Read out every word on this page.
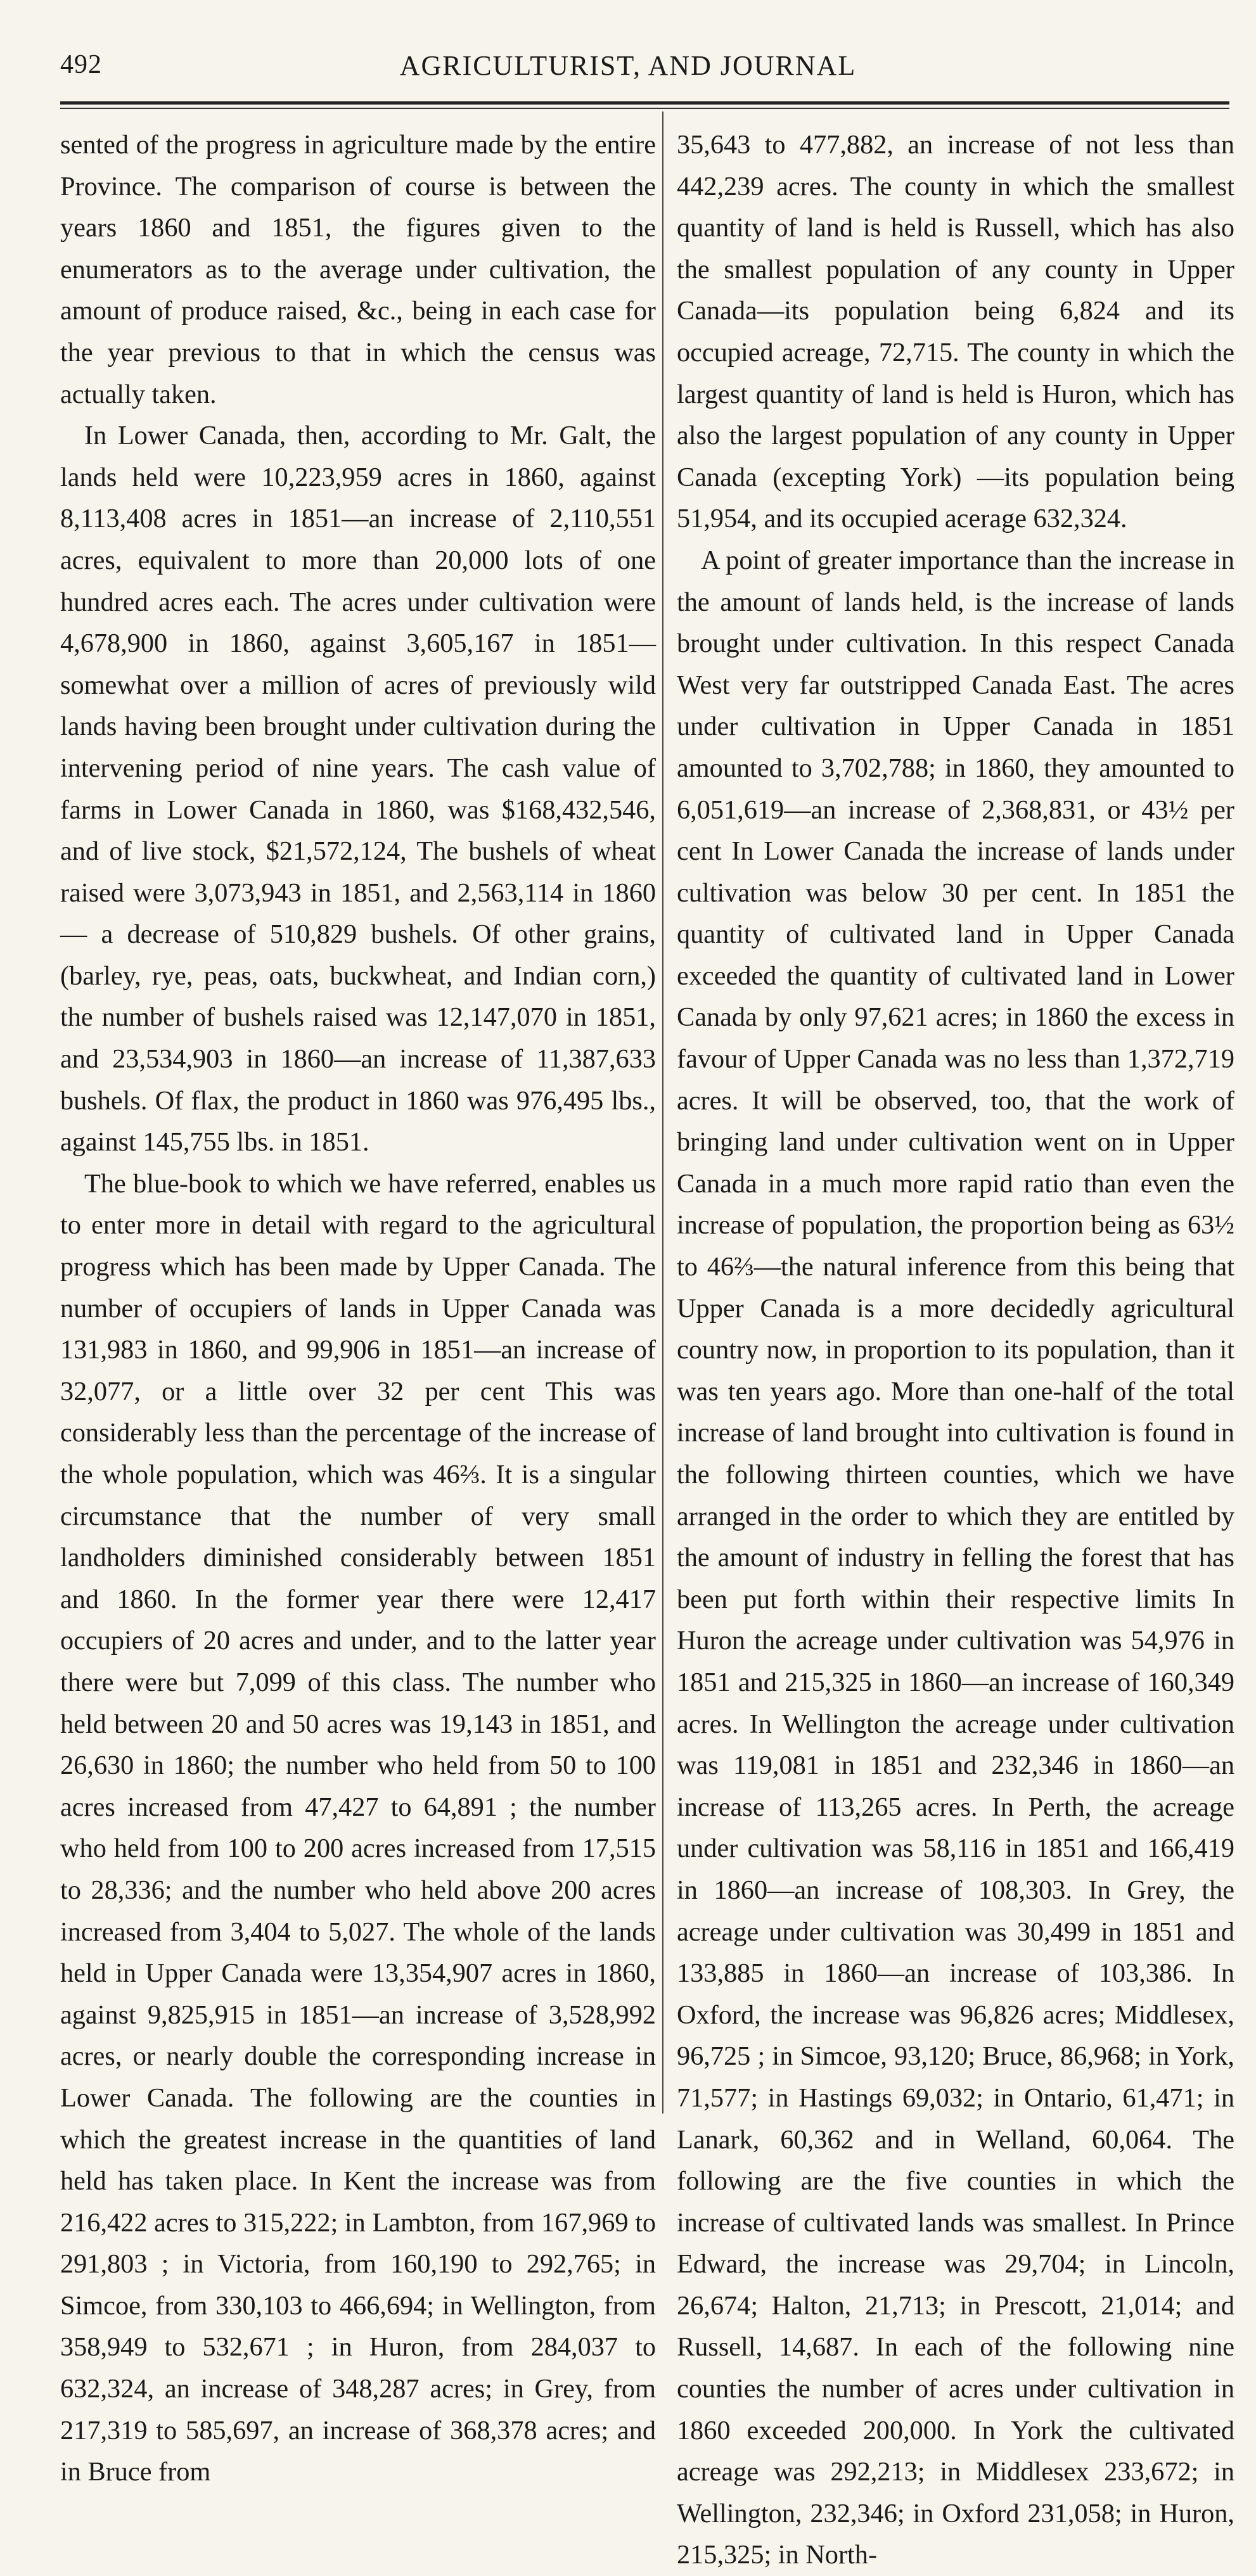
492	AGRICULTURIST, AND JOURNAL

sented of the progress in agriculture made by the entire Province. The comparison of course is between the years 1860 and 1851, the figures given to the enumerators as to the average under cultivation, the amount of produce raised, &c., being in each case for the year previous to that in which the census was actually taken.

In Lower Canada, then, according to Mr. Galt, the lands held were 10,223,959 acres in 1860, against 8,113,408 acres in 1851—an increase of 2,110,551 acres, equivalent to more than 20,000 lots of one hundred acres each. The acres under cultivation were 4,678,900 in 1860, against 3,605,167 in 1851—somewhat over a million of acres of previously wild lands having been brought under cultivation during the intervening period of nine years. The cash value of farms in Lower Canada in 1860, was $168,432,546, and of live stock, $21,572,124, The bushels of wheat raised were 3,073,943 in 1851, and 2,563,114 in 1860— a decrease of 510,829 bushels. Of other grains, (barley, rye, peas, oats, buckwheat, and Indian corn,) the number of bushels raised was 12,147,070 in 1851, and 23,534,903 in 1860—an increase of 11,387,633 bushels. Of flax, the product in 1860 was 976,495 lbs., against 145,755 lbs. in 1851.

The blue-book to which we have referred, enables us to enter more in detail with regard to the agricultural progress which has been made by Upper Canada. The number of occupiers of lands in Upper Canada was 131,983 in 1860, and 99,906 in 1851—an increase of 32,077, or a little over 32 per cent This was considerably less than the percentage of the increase of the whole population, which was 46⅔. It is a singular circumstance that the number of very small landholders diminished considerably between 1851 and 1860. In the former year there were 12,417 occupiers of 20 acres and under, and to the latter year there were but 7,099 of this class. The number who held between 20 and 50 acres was 19,143 in 1851, and 26,630 in 1860; the number who held from 50 to 100 acres increased from 47,427 to 64,891 ; the number who held from 100 to 200 acres increased from 17,515 to 28,336; and the number who held above 200 acres increased from 3,404 to 5,027. The whole of the lands held in Upper Canada were 13,354,907 acres in 1860, against 9,825,915 in 1851—an increase of 3,528,992 acres, or nearly double the corresponding increase in Lower Canada. The following are the counties in which the greatest increase in the quantities of land held has taken place. In Kent the increase was from 216,422 acres to 315,222; in Lambton, from 167,969 to 291,803 ; in Victoria, from 160,190 to 292,765; in Simcoe, from 330,103 to 466,694; in Wellington, from 358,949 to 532,671 ; in Huron, from 284,037 to 632,324, an increase of 348,287 acres; in Grey, from 217,319 to 585,697, an increase of 368,378 acres; and in Bruce from

35,643 to 477,882, an increase of not less than 442,239 acres. The county in which the smallest quantity of land is held is Russell, which has also the smallest population of any county in Upper Canada—its population being 6,824 and its occupied acreage, 72,715. The county in which the largest quantity of land is held is Huron, which has also the largest population of any county in Upper Canada (excepting York) —its population being 51,954, and its occupied acerage 632,324.

A point of greater importance than the increase in the amount of lands held, is the increase of lands brought under cultivation. In this respect Canada West very far outstripped Canada East. The acres under cultivation in Upper Canada in 1851 amounted to 3,702,788; in 1860, they amounted to 6,051,619—an increase of 2,368,831, or 43½ per cent In Lower Canada the increase of lands under cultivation was below 30 per cent. In 1851 the quantity of cultivated land in Upper Canada exceeded the quantity of cultivated land in Lower Canada by only 97,621 acres; in 1860 the excess in favour of Upper Canada was no less than 1,372,719 acres. It will be observed, too, that the work of bringing land under cultivation went on in Upper Canada in a much more rapid ratio than even the increase of population, the proportion being as 63½ to 46⅔—the natural inference from this being that Upper Canada is a more decidedly agricultural country now, in proportion to its population, than it was ten years ago. More than one-half of the total increase of land brought into cultivation is found in the following thirteen counties, which we have arranged in the order to which they are entitled by the amount of industry in felling the forest that has been put forth within their respective limits In Huron the acreage under cultivation was 54,976 in 1851 and 215,325 in 1860—an increase of 160,349 acres. In Wellington the acreage under cultivation was 119,081 in 1851 and 232,346 in 1860—an increase of 113,265 acres. In Perth, the acreage under cultivation was 58,116 in 1851 and 166,419 in 1860—an increase of 108,303. In Grey, the acreage under cultivation was 30,499 in 1851 and 133,885 in 1860—an increase of 103,386. In Oxford, the increase was 96,826 acres; Middlesex, 96,725 ; in Simcoe, 93,120; Bruce, 86,968; in York, 71,577; in Hastings 69,032; in Ontario, 61,471; in Lanark, 60,362 and in Welland, 60,064. The following are the five counties in which the increase of cultivated lands was smallest. In Prince Edward, the increase was 29,704; in Lincoln, 26,674; Halton, 21,713; in Prescott, 21,014; and Russell, 14,687. In each of the following nine counties the number of acres under cultivation in 1860 exceeded 200,000. In York the cultivated acreage was 292,213; in Middlesex 233,672; in Wellington, 232,346; in Oxford 231,058; in Huron, 215,325; in North-
